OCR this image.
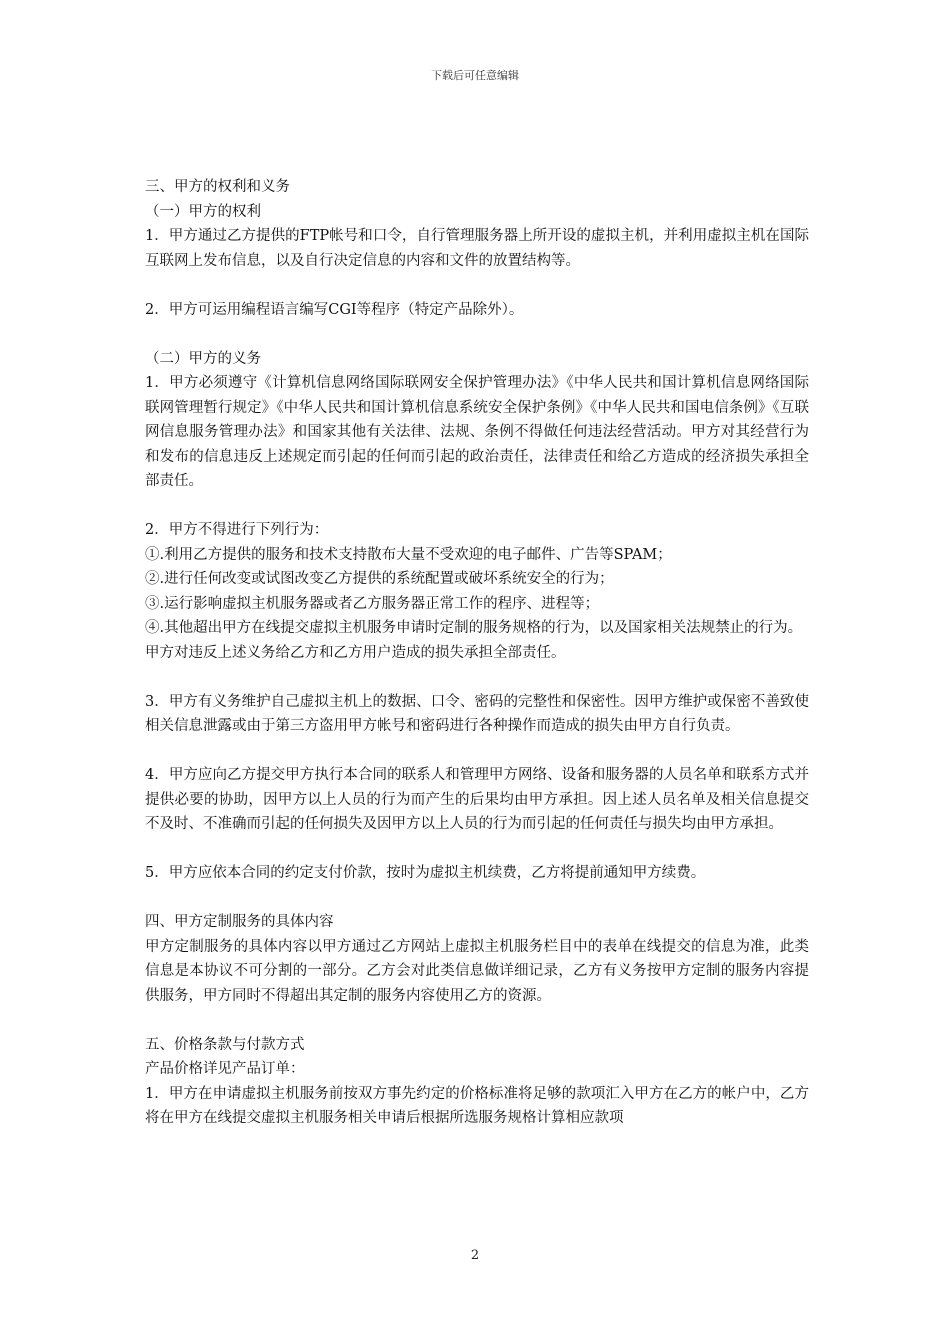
下载后可任意编辑

三、甲方的权利和义务

（一）甲方的权利

1．甲方通过乙方提供的FTP帐号和口令，自行管理服务器上所开设的虚拟主机，并利用虚拟主机在国际互联网上发布信息，以及自行决定信息的内容和文件的放置结构等。

2．甲方可运用编程语言编写CGI等程序（特定产品除外）。

（二）甲方的义务

1．甲方必须遵守《计算机信息网络国际联网安全保护管理办法》《中华人民共和国计算机信息网络国际联网管理暂行规定》《中华人民共和国计算机信息系统安全保护条例》《中华人民共和国电信条例》《互联网信息服务管理办法》和国家其他有关法律、法规、条例不得做任何违法经营活动。甲方对其经营行为和发布的信息违反上述规定而引起的任何而引起的政治责任，法律责任和给乙方造成的经济损失承担全部责任。

2．甲方不得进行下列行为：

①.利用乙方提供的服务和技术支持散布大量不受欢迎的电子邮件、广告等SPAM；

②.进行任何改变或试图改变乙方提供的系统配置或破坏系统安全的行为；

③.运行影响虚拟主机服务器或者乙方服务器正常工作的程序、进程等；

④.其他超出甲方在线提交虚拟主机服务申请时定制的服务规格的行为，以及国家相关法规禁止的行为。

甲方对违反上述义务给乙方和乙方用户造成的损失承担全部责任。

3．甲方有义务维护自己虚拟主机上的数据、口令、密码的完整性和保密性。因甲方维护或保密不善致使相关信息泄露或由于第三方盗用甲方帐号和密码进行各种操作而造成的损失由甲方自行负责。

4．甲方应向乙方提交甲方执行本合同的联系人和管理甲方网络、设备和服务器的人员名单和联系方式并提供必要的协助，因甲方以上人员的行为而产生的后果均由甲方承担。因上述人员名单及相关信息提交不及时、不准确而引起的任何损失及因甲方以上人员的行为而引起的任何责任与损失均由甲方承担。

5．甲方应依本合同的约定支付价款，按时为虚拟主机续费，乙方将提前通知甲方续费。

四、甲方定制服务的具体内容

甲方定制服务的具体内容以甲方通过乙方网站上虚拟主机服务栏目中的表单在线提交的信息为准，此类信息是本协议不可分割的一部分。乙方会对此类信息做详细记录，乙方有义务按甲方定制的服务内容提供服务，甲方同时不得超出其定制的服务内容使用乙方的资源。

五、价格条款与付款方式

产品价格详见产品订单：

1．甲方在申请虚拟主机服务前按双方事先约定的价格标准将足够的款项汇入甲方在乙方的帐户中，乙方将在甲方在线提交虚拟主机服务相关申请后根据所选服务规格计算相应款项

2
